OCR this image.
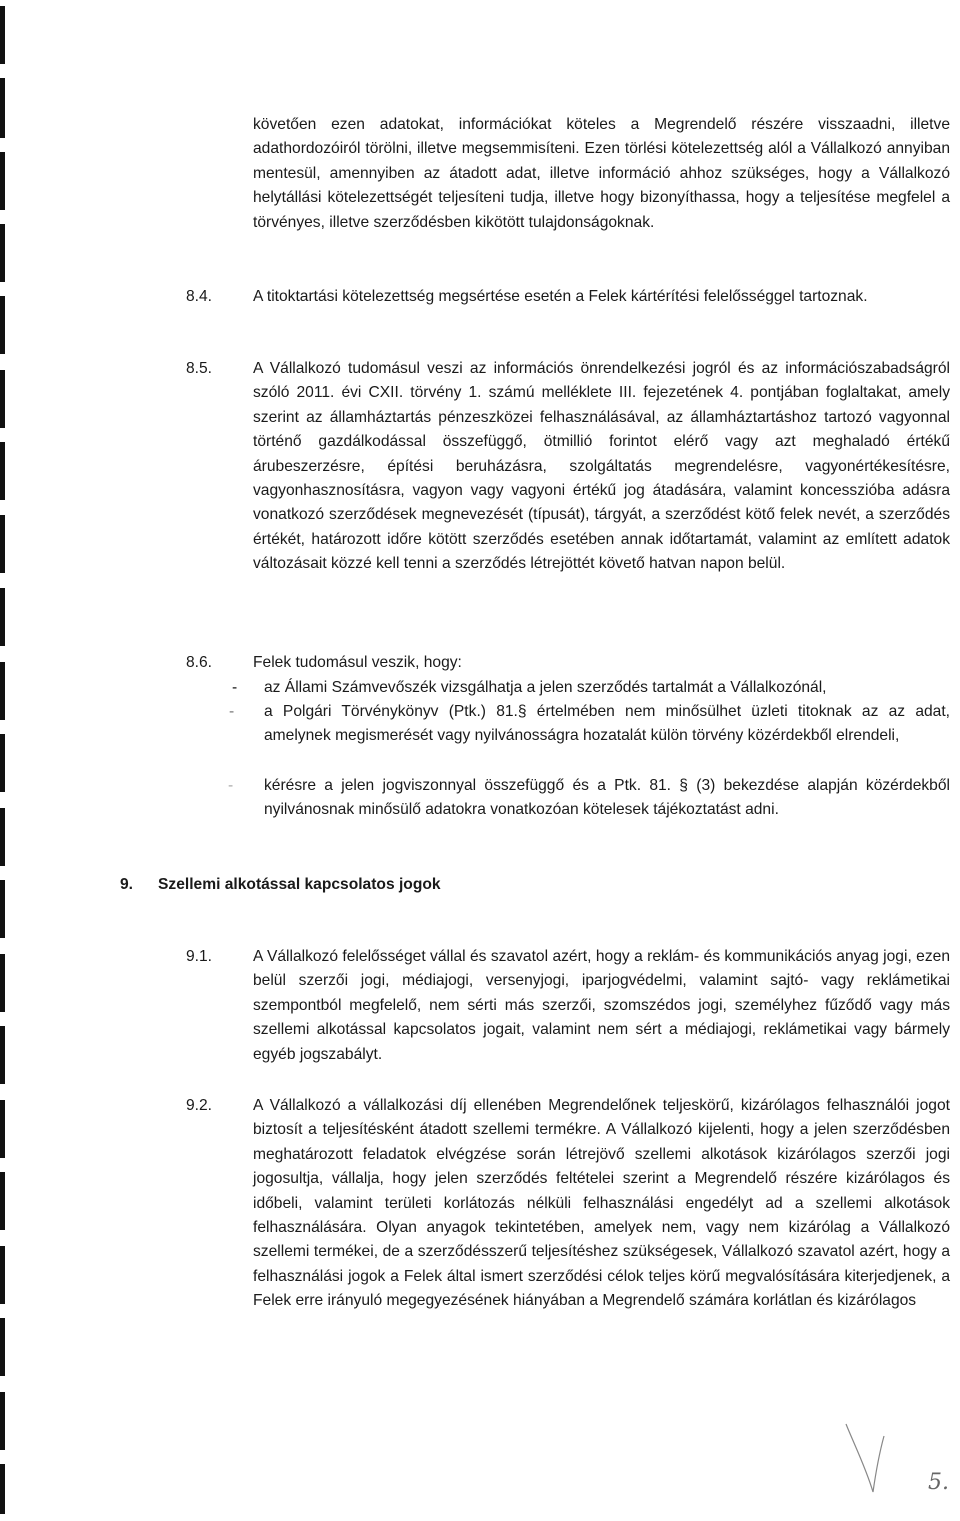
követően ezen adatokat, információkat köteles a Megrendelő részére visszaadni, illetve adathordozóiról törölni, illetve megsemmisíteni. Ezen törlési kötelezettség alól a Vállalkozó annyiban mentesül, amennyiben az átadott adat, illetve információ ahhoz szükséges, hogy a Vállalkozó helytállási kötelezettségét teljesíteni tudja, illetve hogy bizonyíthassa, hogy a teljesítése megfelel a törvényes, illetve szerződésben kikötött tulajdonságoknak.
8.4.	A titoktartási kötelezettség megsértése esetén a Felek kártérítési felelősséggel tartoznak.
8.5.	A Vállalkozó tudomásul veszi az információs önrendelkezési jogról és az információszabadságról szóló 2011. évi CXII. törvény 1. számú melléklete III. fejezetének 4. pontjában foglaltakat, amely szerint az államháztartás pénzeszközei felhasználásával, az államháztartáshoz tartozó vagyonnal történő gazdálkodással összefüggő, ötmillió forintot elérő vagy azt meghaladó értékű árubeszerzésre, építési beruházásra, szolgáltatás megrendelésre, vagyonértékesítésre, vagyonhasznosításra, vagyon vagy vagyoni értékű jog átadására, valamint koncesszióba adásra vonatkozó szerződések megnevezését (típusát), tárgyát, a szerződést kötő felek nevét, a szerződés értékét, határozott időre kötött szerződés esetében annak időtartamát, valamint az említett adatok változásait közzé kell tenni a szerződés létrejöttét követő hatvan napon belül.
8.6.	Felek tudomásul veszik, hogy:
- az Állami Számvevőszék vizsgálhatja a jelen szerződés tartalmát a Vállalkozónál,
- a Polgári Törvénykönyv (Ptk.) 81.§ értelmében nem minősülhet üzleti titoknak az az adat, amelynek megismerését vagy nyilvánosságra hozatalát külön törvény közérdekből elrendeli,
- kérésre a jelen jogviszonnyal összefüggő és a Ptk. 81. § (3) bekezdése alapján közérdekből nyilvánosnak minősülő adatokra vonatkozóan kötelesek tájékoztatást adni.
9. Szellemi alkotással kapcsolatos jogok
9.1.	A Vállalkozó felelősséget vállal és szavatol azért, hogy a reklám- és kommunikációs anyag jogi, ezen belül szerzői jogi, médiajogi, versenyjogi, iparjogvédelmi, valamint sajtó- vagy reklámetikai szempontból megfelelő, nem sérti más szerzői, szomszédos jogi, személyhez fűződő vagy más szellemi alkotással kapcsolatos jogait, valamint nem sért a médiajogi, reklámetikai vagy bármely egyéb jogszabályt.
9.2.	A Vállalkozó a vállalkozási díj ellenében Megrendelőnek teljeskörű, kizárólagos felhasználói jogot biztosít a teljesítésként átadott szellemi termékre. A Vállalkozó kijelenti, hogy a jelen szerződésben meghatározott feladatok elvégzése során létrejövő szellemi alkotások kizárólagos szerzői jogi jogosultja, vállalja, hogy jelen szerződés feltételei szerint a Megrendelő részére kizárólagos és időbeli, valamint területi korlátozás nélküli felhasználási engedélyt ad a szellemi alkotások felhasználására. Olyan anyagok tekintetében, amelyek nem, vagy nem kizárólag a Vállalkozó szellemi termékei, de a szerződésszerű teljesítéshez szükségesek, Vállalkozó szavatol azért, hogy a felhasználási jogok a Felek által ismert szerződési célok teljes körű megvalósítására kiterjedjenek, a Felek erre irányuló megegyezésének hiányában a Megrendelő számára korlátlan és kizárólagos
5.
